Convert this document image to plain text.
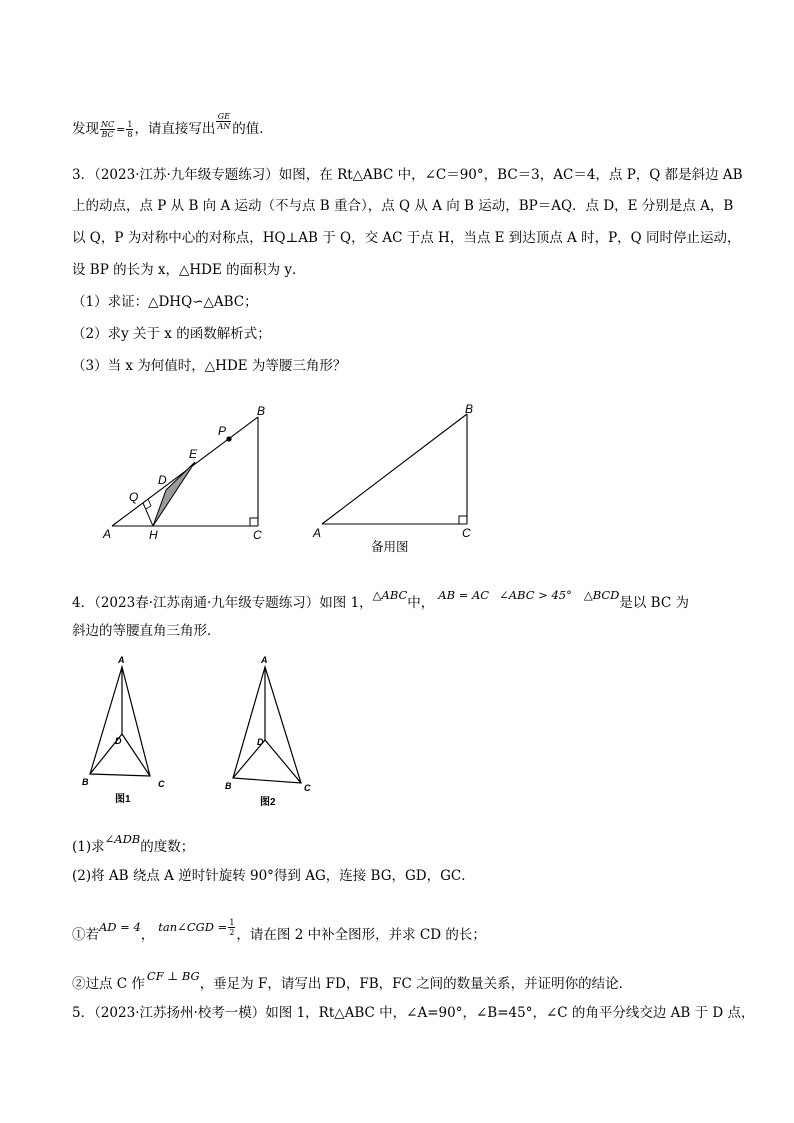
发现 $\frac{NC}{BC} = \frac{1}{8}$ ，请直接写出 $\frac{GE}{AN}$ 的值．
3．（2023·江苏·九年级专题练习）如图，在 Rt△ABC 中，∠C＝90°，BC＝3，AC＝4，点 P，Q 都是斜边 AB
上的动点，点 P 从 B 向 A 运动（不与点 B 重合），点 Q 从 A 向 B 运动，BP＝AQ．点 D，E 分别是点 A，B
以 Q，P 为对称中心的对称点，HQ⊥AB 于 Q，交 AC 于点 H，当点 E 到达顶点 A 时，P，Q 同时停止运动，
设 BP 的长为 x，△HDE 的面积为 y．
（1）求证：△DHQ∽△ABC；
（2）求y 关于 x 的函数解析式；
（3）当 x 为何值时，△HDE 为等腰三角形？
A	H	C
B
Q
D
E
P
A	C
B
备用图
4．（2023春·江苏南通·九年级专题练习）如图 1，△ABC中， AB = AC ∠ABC > 45° △BCD是以 BC 为
斜边的等腰直角三角形．
A
D
B	C
图1
A
D
B	C
图2
(1)求∠ADB的度数；
(2)将 AB 绕点 A 逆时针旋转 90°得到 AG，连接 BG，GD，GC．
①若AD = 4， tan∠CGD = $\frac{1}{2}$ ，请在图 2 中补全图形，并求 CD 的长；
②过点 C 作 CF ⊥ BG，垂足为 F，请写出 FD，FB，FC 之间的数量关系，并证明你的结论．
5．（2023·江苏扬州·校考一模）如图 1，Rt△ABC 中，∠A=90°，∠B=45°，∠C 的角平分线交边 AB 于 D 点，
